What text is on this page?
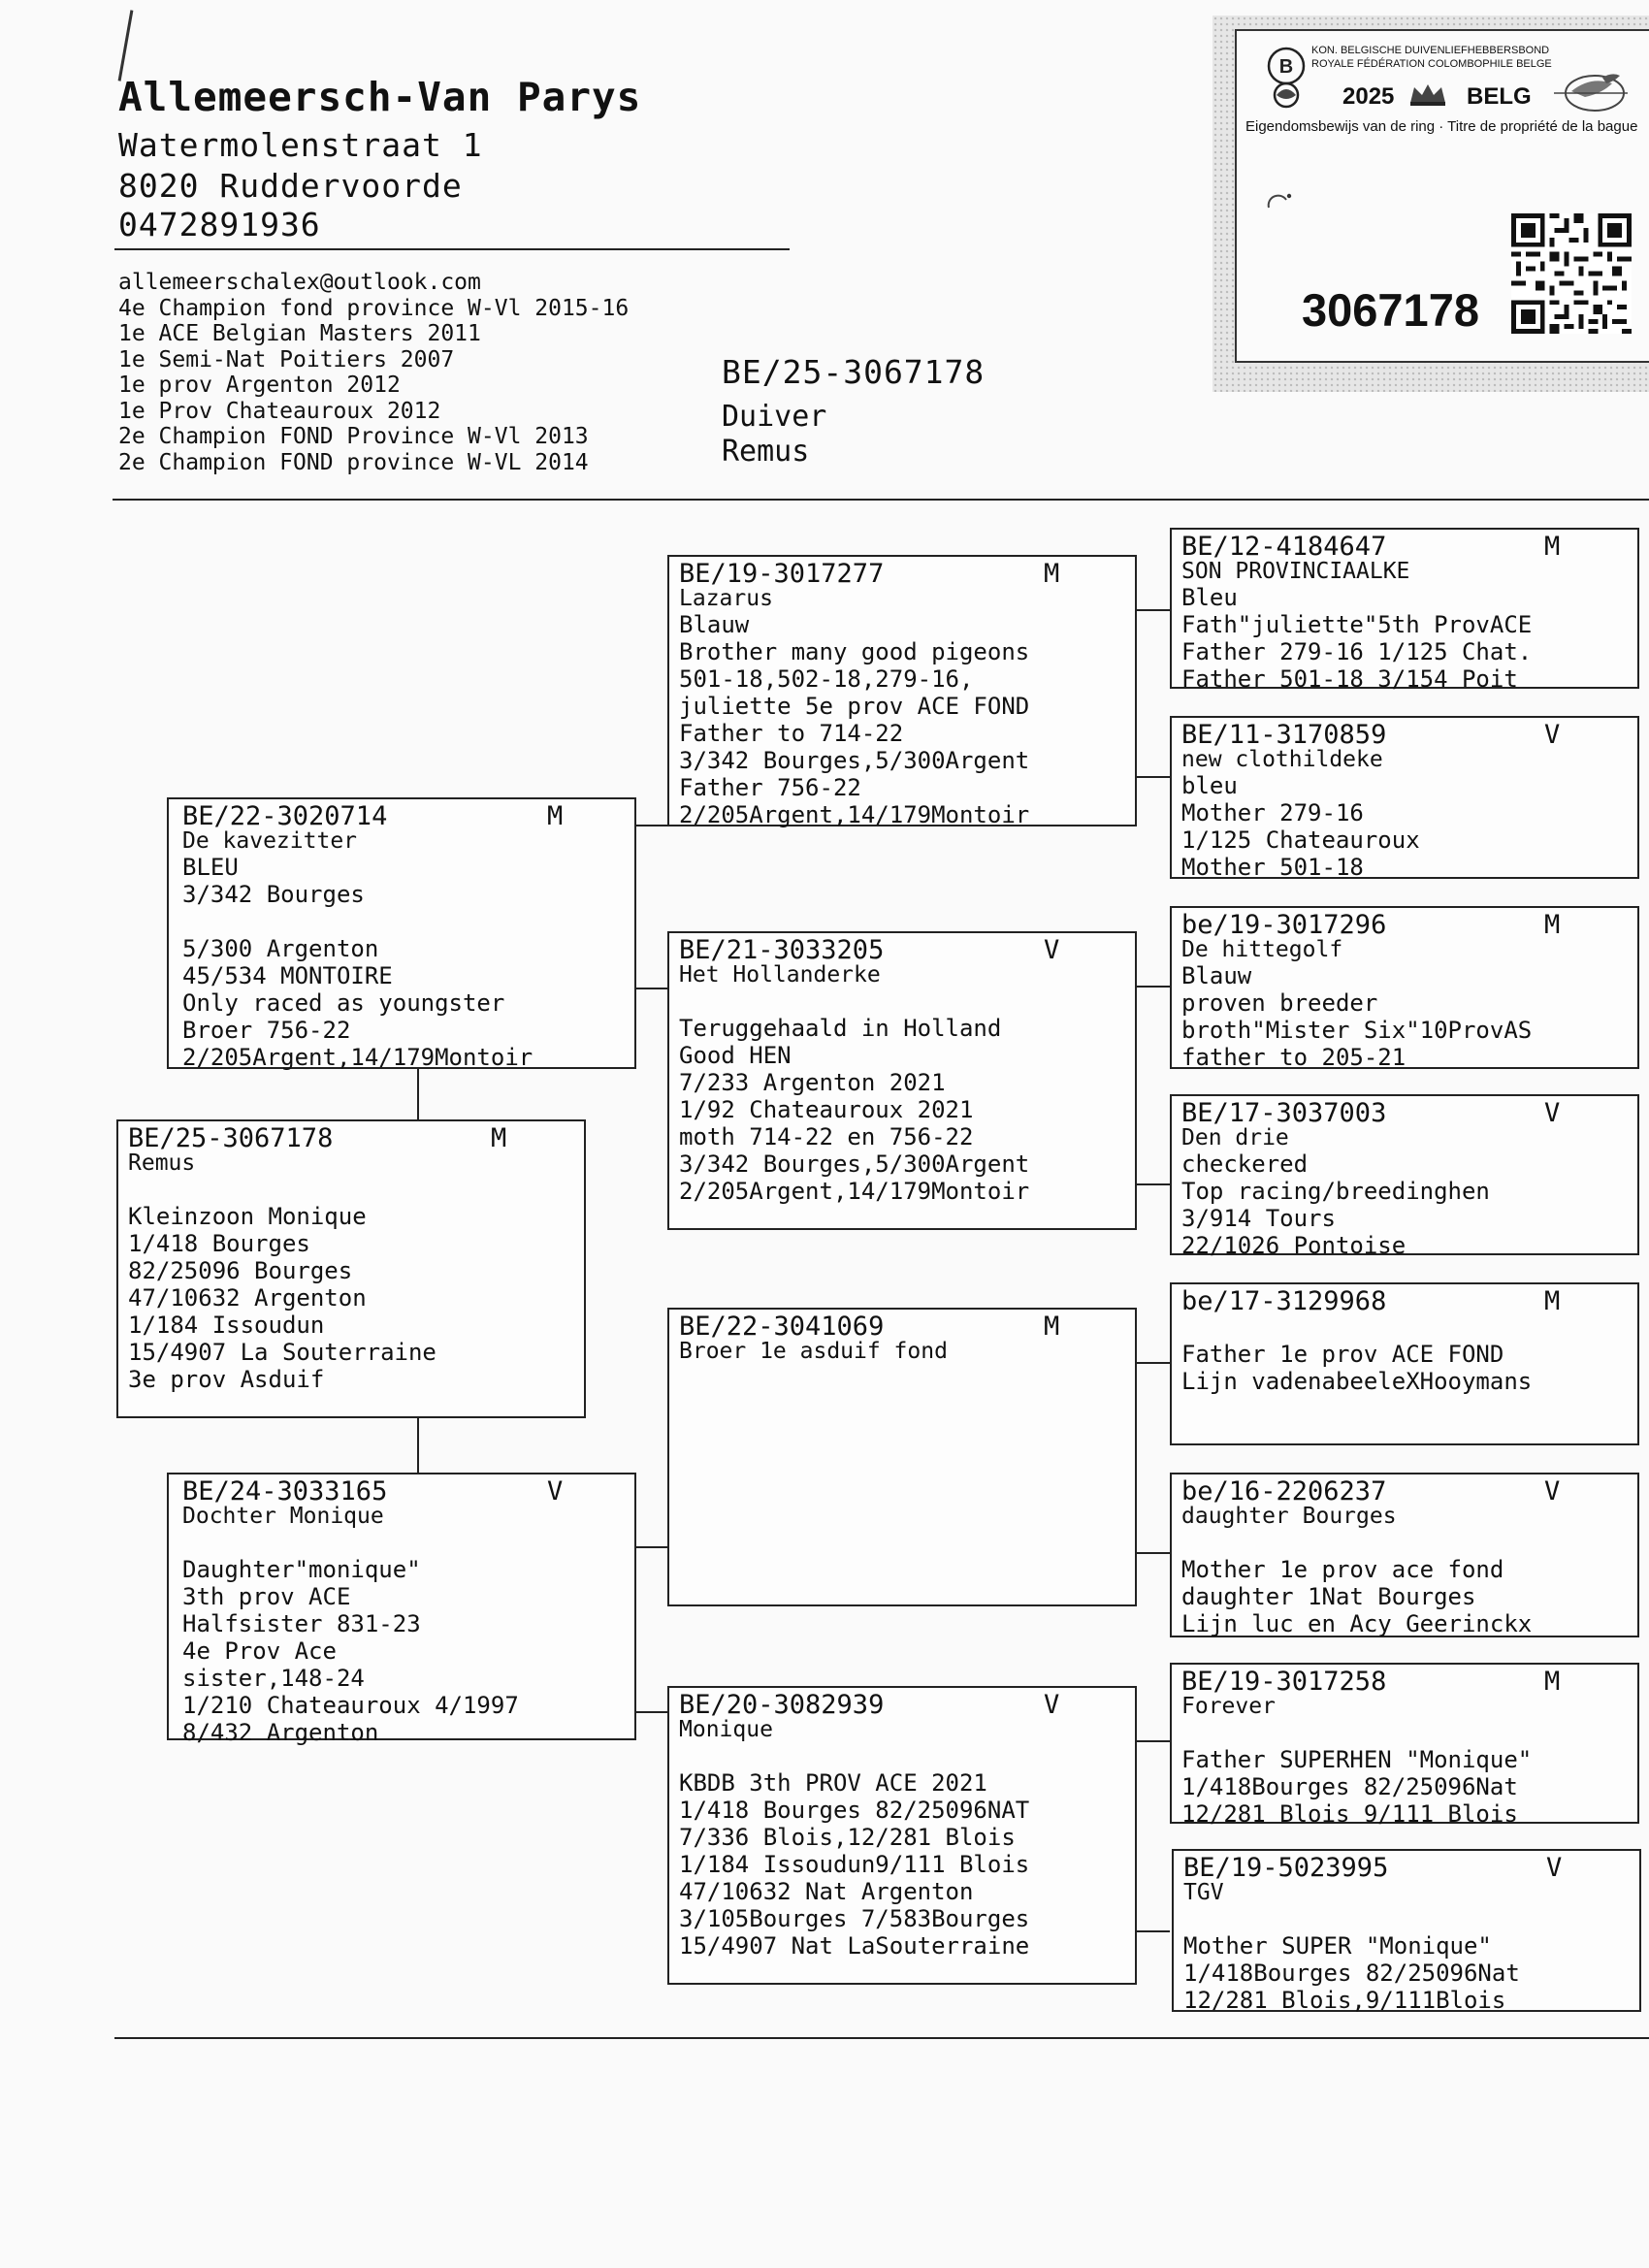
Allemeersch-Van Parys
Watermolenstraat 1
8020 Ruddervoorde
0472891936
allemeerschalex@outlook.com
4e Champion fond province W-Vl 2015-16
1e ACE Belgian Masters 2011
1e Semi-Nat Poitiers 2007
1e prov Argenton 2012
1e Prov Chateauroux 2012
2e Champion FOND Province W-Vl 2013
2e Champion FOND province W-VL 2014
BE/25-3067178
Duiver
Remus
B
KON. BELGISCHE DUIVENLIEFHEBBERSBOND
ROYALE FÉDÉRATION COLOMBOPHILE BELGE
2025	BELG
Eigendomsbewijs van de ring · Titre de propriété de la bague
3067178
BE/25-3067178	M
Remus
Kleinzoon Monique
1/418 Bourges
82/25096 Bourges
47/10632 Argenton
1/184 Issoudun
15/4907 La Souterraine
3e prov Asduif
BE/22-3020714	M
De kavezitter
BLEU
3/342 Bourges
5/300 Argenton
45/534 MONTOIRE
Only raced as youngster
Broer 756-22
2/205Argent,14/179Montoir
BE/24-3033165	V
Dochter Monique
Daughter"monique"
3th prov ACE
Halfsister 831-23
4e Prov Ace
sister,148-24
1/210 Chateauroux 4/1997
8/432 Argenton
BE/19-3017277	M
Lazarus
Blauw
Brother many good pigeons
501-18,502-18,279-16,
juliette 5e prov ACE FOND
Father to 714-22
3/342 Bourges,5/300Argent
Father 756-22
2/205Argent,14/179Montoir
BE/21-3033205	V
Het Hollanderke
Teruggehaald in Holland
Good HEN
7/233 Argenton 2021
1/92 Chateauroux 2021
moth 714-22 en 756-22
3/342 Bourges,5/300Argent
2/205Argent,14/179Montoir
BE/22-3041069	M
Broer 1e asduif fond
BE/20-3082939	V
Monique
KBDB 3th PROV ACE 2021
1/418 Bourges 82/25096NAT
7/336 Blois,12/281 Blois
1/184 Issoudun9/111 Blois
47/10632 Nat Argenton
3/105Bourges 7/583Bourges
15/4907 Nat LaSouterraine
BE/12-4184647	M
SON PROVINCIAALKE
Bleu
Fath"juliette"5th ProvACE
Father 279-16 1/125 Chat.
Father 501-18 3/154 Poit
BE/11-3170859	V
new clothildeke
bleu
Mother 279-16
1/125 Chateauroux
Mother 501-18
be/19-3017296	M
De hittegolf
Blauw
proven breeder
broth"Mister Six"10ProvAS
father to 205-21
BE/17-3037003	V
Den drie
checkered
Top racing/breedinghen
3/914 Tours
22/1026 Pontoise
be/17-3129968	M
Father 1e prov ACE FOND
Lijn vadenabeeleXHooymans
be/16-2206237	V
daughter Bourges
Mother 1e prov ace fond
daughter 1Nat Bourges
Lijn luc en Acy Geerinckx
BE/19-3017258	M
Forever
Father SUPERHEN "Monique"
1/418Bourges 82/25096Nat
12/281 Blois 9/111 Blois
BE/19-5023995	V
TGV
Mother SUPER "Monique"
1/418Bourges 82/25096Nat
12/281 Blois,9/111Blois
